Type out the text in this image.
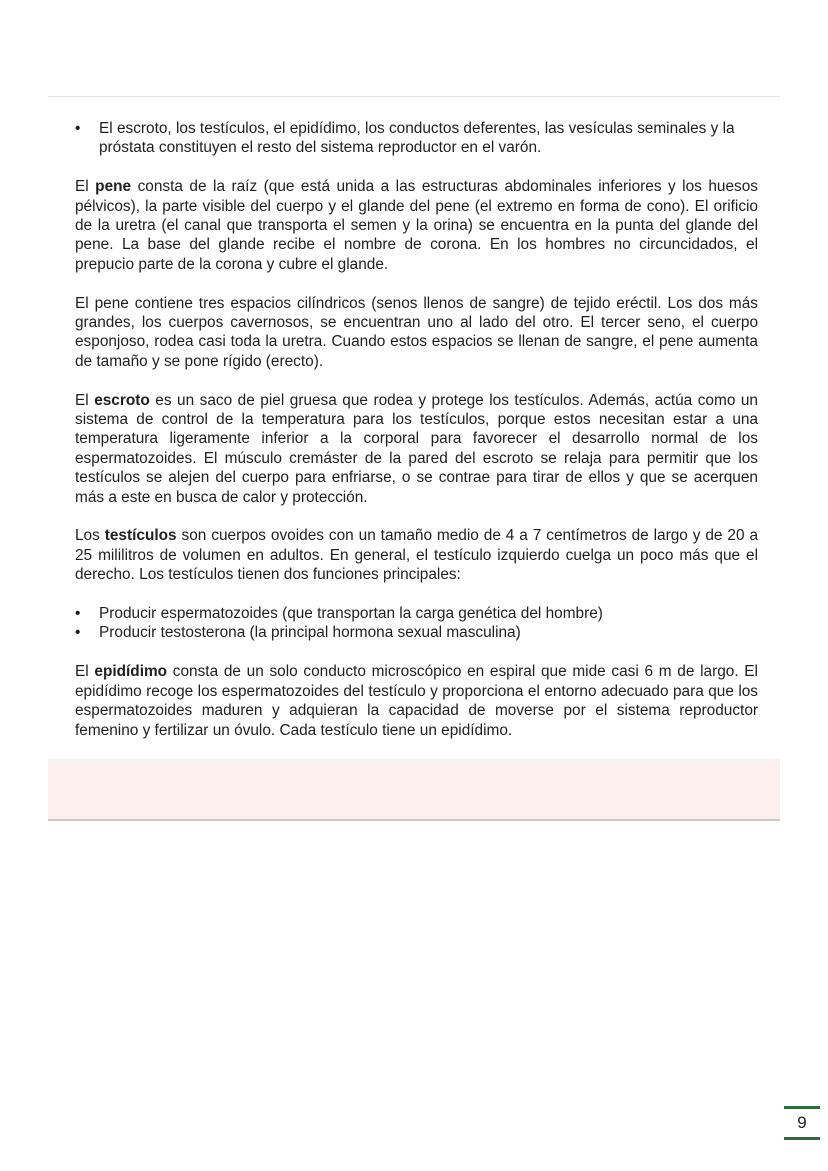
• El escroto, los testículos, el epidídimo, los conductos deferentes, las vesículas seminales y la próstata constituyen el resto del sistema reproductor en el varón.

El pene consta de la raíz (que está unida a las estructuras abdominales inferiores y los huesos pélvicos), la parte visible del cuerpo y el glande del pene (el extremo en forma de cono). El orificio de la uretra (el canal que transporta el semen y la orina) se encuentra en la punta del glande del pene. La base del glande recibe el nombre de corona. En los hombres no circuncidados, el prepucio parte de la corona y cubre el glande.

El pene contiene tres espacios cilíndricos (senos llenos de sangre) de tejido eréctil. Los dos más grandes, los cuerpos cavernosos, se encuentran uno al lado del otro. El tercer seno, el cuerpo esponjoso, rodea casi toda la uretra. Cuando estos espacios se llenan de sangre, el pene aumenta de tamaño y se pone rígido (erecto).

El escroto es un saco de piel gruesa que rodea y protege los testículos. Además, actúa como un sistema de control de la temperatura para los testículos, porque estos necesitan estar a una temperatura ligeramente inferior a la corporal para favorecer el desarrollo normal de los espermatozoides. El músculo cremáster de la pared del escroto se relaja para permitir que los testículos se alejen del cuerpo para enfriarse, o se contrae para tirar de ellos y que se acerquen más a este en busca de calor y protección.

Los testículos son cuerpos ovoides con un tamaño medio de 4 a 7 centímetros de largo y de 20 a 25 mililitros de volumen en adultos. En general, el testículo izquierdo cuelga un poco más que el derecho. Los testículos tienen dos funciones principales:

• Producir espermatozoides (que transportan la carga genética del hombre)
• Producir testosterona (la principal hormona sexual masculina)

El epidídimo consta de un solo conducto microscópico en espiral que mide casi 6 m de largo. El epidídimo recoge los espermatozoides del testículo y proporciona el entorno adecuado para que los espermatozoides maduren y adquieran la capacidad de moverse por el sistema reproductor femenino y fertilizar un óvulo. Cada testículo tiene un epidídimo.

9
